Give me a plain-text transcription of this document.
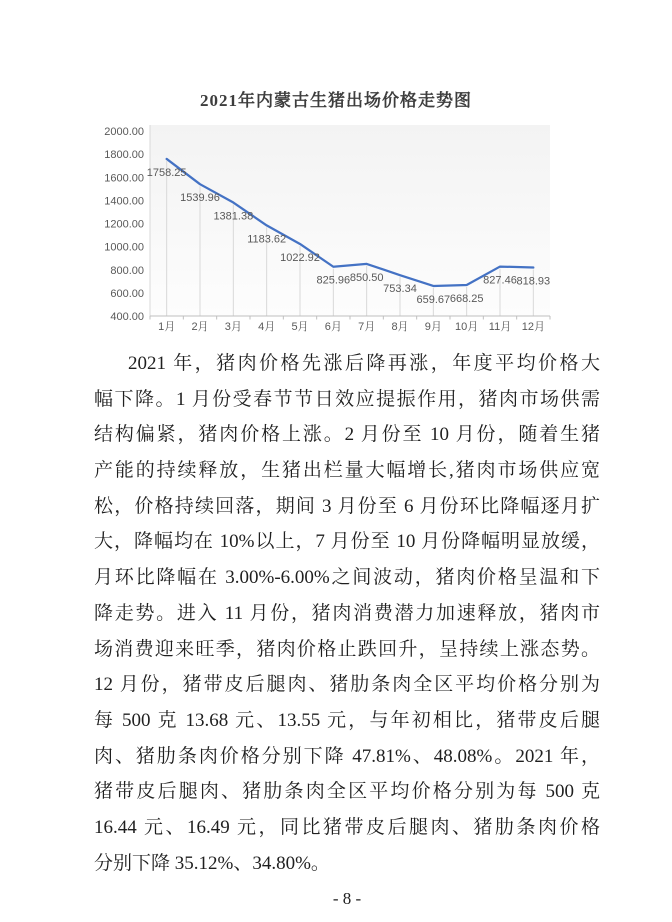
2021年内蒙古生猪出场价格走势图
2000.00
1800.00
1600.00
1400.00
1200.00
1000.00
800.00
600.00
400.00
1月 2月 3月 4月 5月 6月 7月 8月 9月 10月 11月 12月
1758.25
1539.96
1381.38
1183.62
1022.92
825.96 850.50
753.34
659.67 668.25
827.46 818.93
2021 年，猪肉价格先涨后降再涨，年度平均价格大
幅下降。1 月份受春节节日效应提振作用，猪肉市场供需
结构偏紧，猪肉价格上涨。2 月份至 10 月份，随着生猪
产能的持续释放，生猪出栏量大幅增长,猪肉市场供应宽
松，价格持续回落，期间 3 月份至 6 月份环比降幅逐月扩
大，降幅均在 10%以上，7 月份至 10 月份降幅明显放缓，
月环比降幅在 3.00%-6.00%之间波动，猪肉价格呈温和下
降走势。进入 11 月份，猪肉消费潜力加速释放，猪肉市
场消费迎来旺季，猪肉价格止跌回升，呈持续上涨态势。
12 月份，猪带皮后腿肉、猪肋条肉全区平均价格分别为
每 500 克 13.68 元、13.55 元，与年初相比，猪带皮后腿
肉、猪肋条肉价格分别下降 47.81%、48.08%。2021 年，
猪带皮后腿肉、猪肋条肉全区平均价格分别为每 500 克
16.44 元、16.49 元，同比猪带皮后腿肉、猪肋条肉价格
分别下降 35.12%、34.80%。
- 8 -
